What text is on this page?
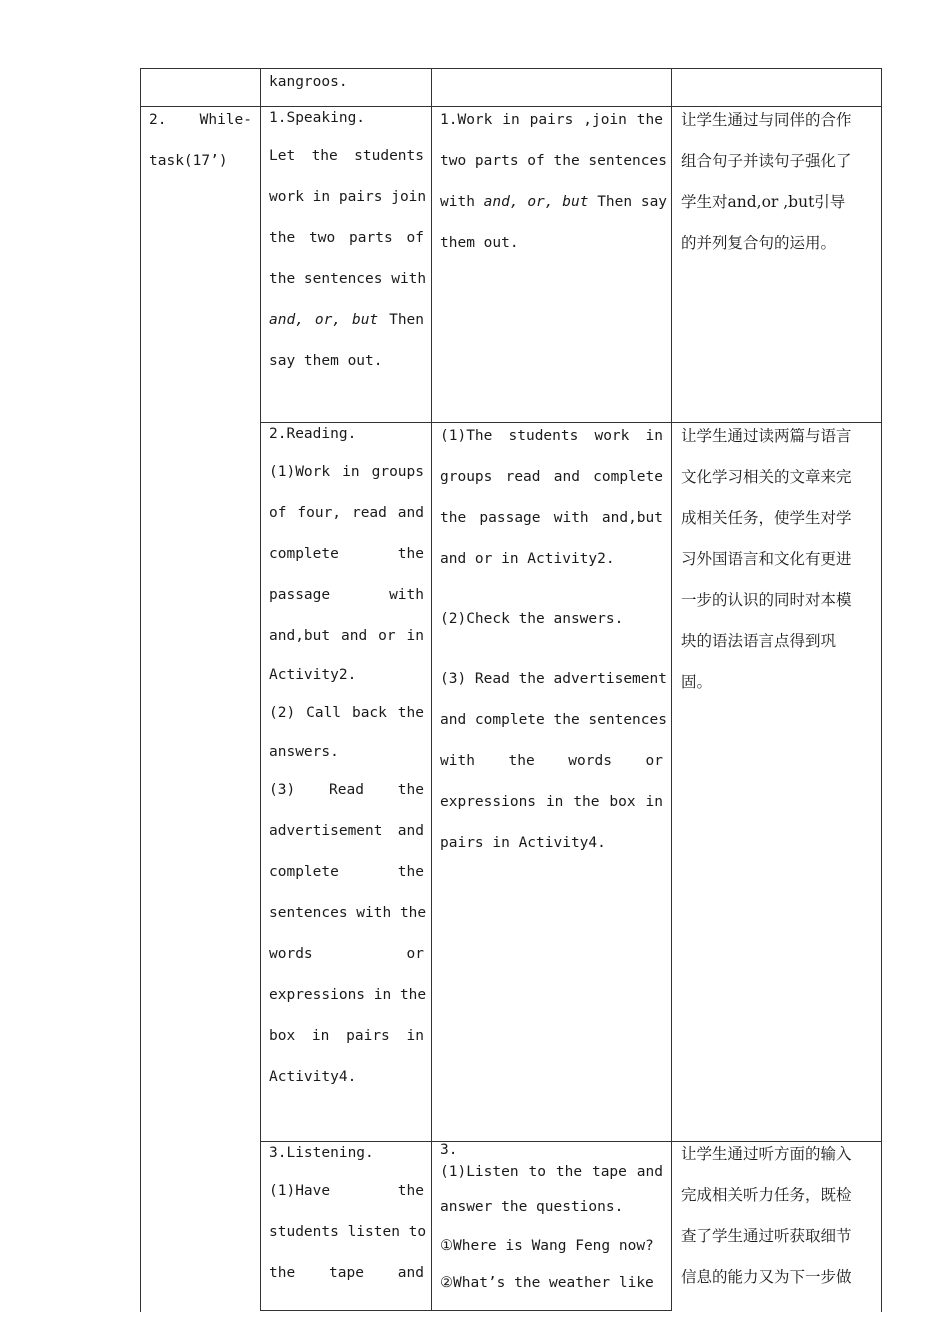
kangroos.

2. While-

task(17’)

1.Speaking.

Let the students

work in pairs join

the two parts of

the sentences with

and, or, but Then

say them out.

1.Work in pairs ,join the

two parts of the sentences

with and, or, but Then say

them out.

让学生通过与同伴的合作

组合句子并读句子强化了

学生对and,or ,but引导

的并列复合句的运用。

2.Reading.

(1)Work in groups

of four, read and

complete the

passage with

and,but and or in

Activity2.

(2) Call back the

answers.

(3) Read the

advertisement and

complete the

sentences with the

words or

expressions in the

box in pairs in

Activity4.

(1)The students work in

groups read and complete

the passage with and,but

and or in Activity2.

(2)Check the answers.

(3) Read the advertisement

and complete the sentences

with the words or

expressions in the box in

pairs in Activity4.

让学生通过读两篇与语言

文化学习相关的文章来完

成相关任务，使学生对学

习外国语言和文化有更进

一步的认识的同时对本模

块的语法语言点得到巩

固。

3.Listening.

(1)Have the

students listen to

the tape and

3.

(1)Listen to the tape and

answer the questions.

①Where is Wang Feng now?

②What’s the weather like

让学生通过听方面的输入

完成相关听力任务，既检

查了学生通过听获取细节

信息的能力又为下一步做
